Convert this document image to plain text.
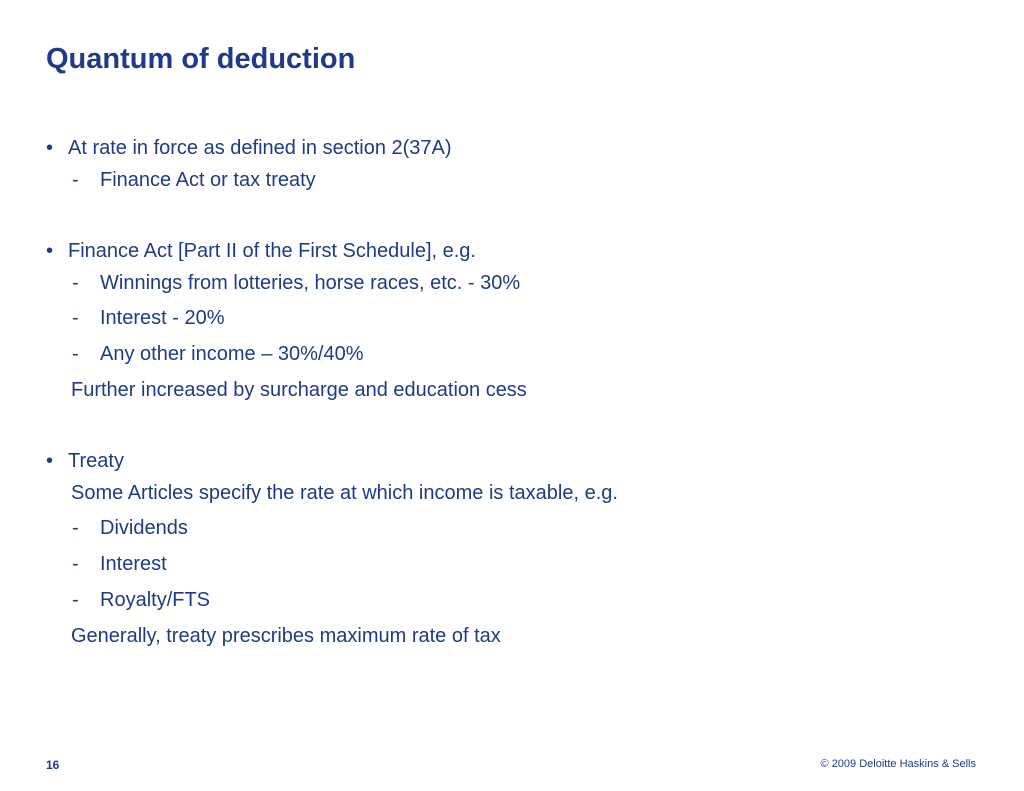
Quantum of deduction
• At rate in force as defined in section 2(37A)
- Finance Act or tax treaty
• Finance Act [Part II of the First Schedule], e.g.
- Winnings from lotteries, horse races, etc. - 30%
- Interest - 20%
- Any other income – 30%/40%
Further increased by surcharge and education cess
• Treaty
Some Articles specify the rate at which income is taxable, e.g.
- Dividends
- Interest
- Royalty/FTS
Generally, treaty prescribes maximum rate of tax
16	© 2009 Deloitte Haskins & Sells
